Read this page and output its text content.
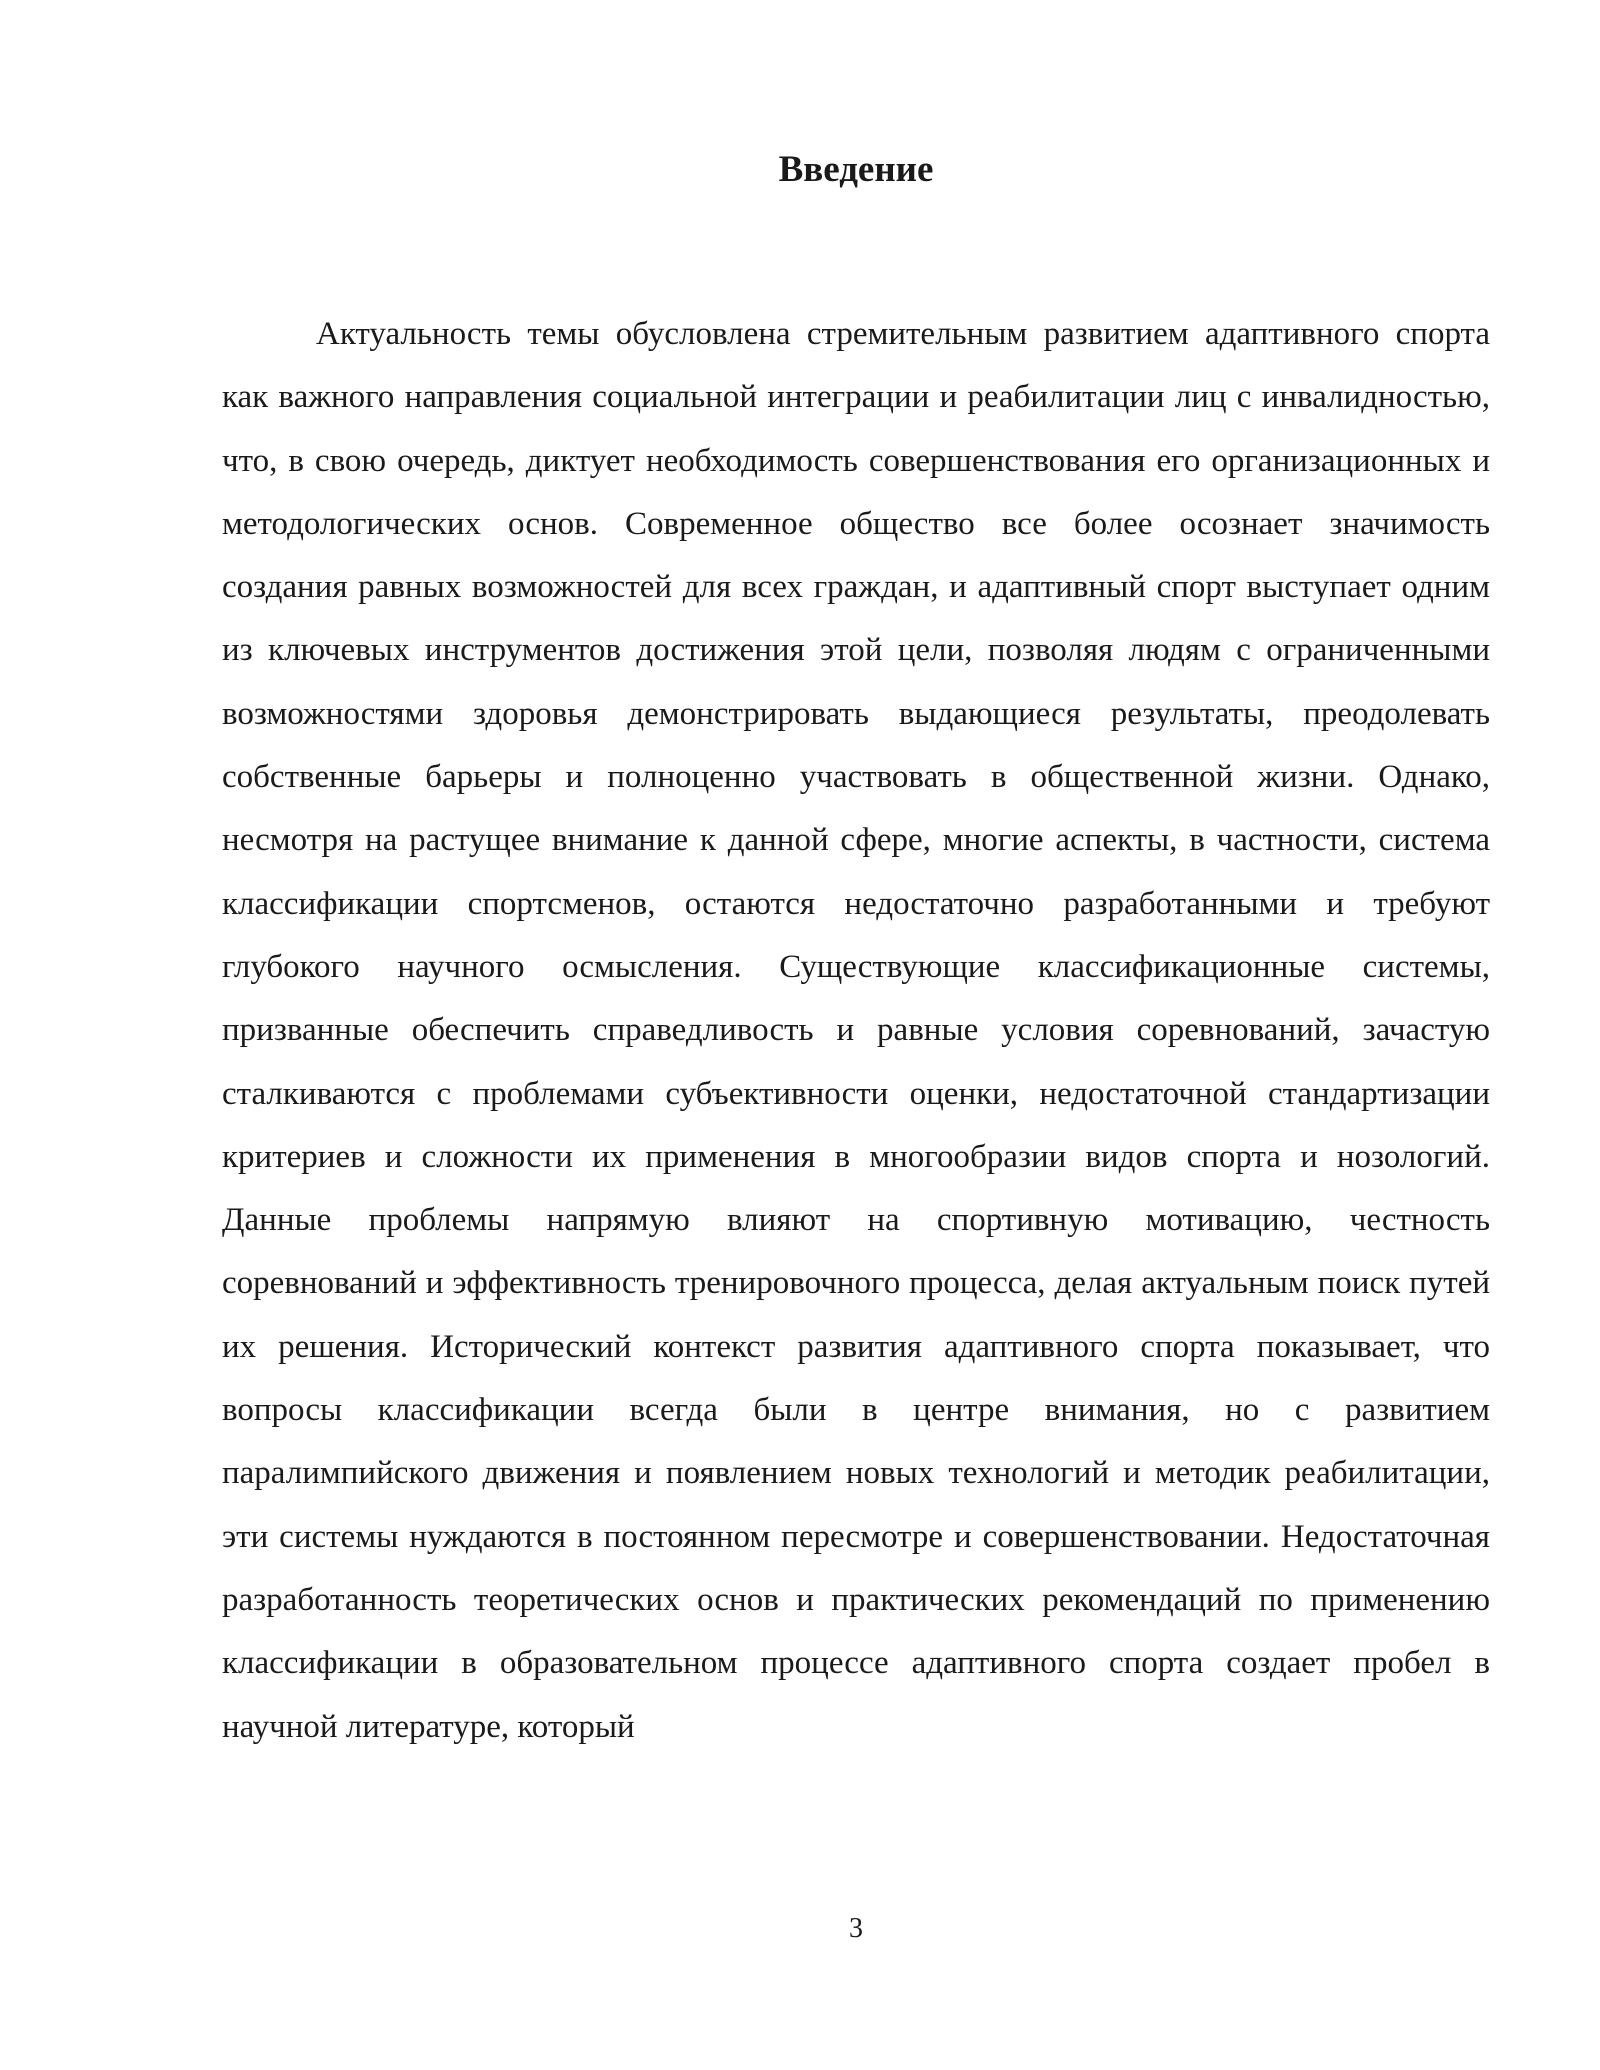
Введение

Актуальность темы обусловлена стремительным развитием адаптивного спорта как важного направления социальной интеграции и реабилитации лиц с инвалидностью, что, в свою очередь, диктует необходимость совершенствования его организационных и методологических основ. Современное общество все более осознает значимость создания равных возможностей для всех граждан, и адаптивный спорт выступает одним из ключевых инструментов достижения этой цели, позволяя людям с ограниченными возможностями здоровья демонстрировать выдающиеся результаты, преодолевать собственные барьеры и полноценно участвовать в общественной жизни. Однако, несмотря на растущее внимание к данной сфере, многие аспекты, в частности, система классификации спортсменов, остаются недостаточно разработанными и требуют глубокого научного осмысления. Существующие классификационные системы, призванные обеспечить справедливость и равные условия соревнований, зачастую сталкиваются с проблемами субъективности оценки, недостаточной стандартизации критериев и сложности их применения в многообразии видов спорта и нозологий. Данные проблемы напрямую влияют на спортивную мотивацию, честность соревнований и эффективность тренировочного процесса, делая актуальным поиск путей их решения. Исторический контекст развития адаптивного спорта показывает, что вопросы классификации всегда были в центре внимания, но с развитием паралимпийского движения и появлением новых технологий и методик реабилитации, эти системы нуждаются в постоянном пересмотре и совершенствовании. Недостаточная разработанность теоретических основ и практических рекомендаций по применению классификации в образовательном процессе адаптивного спорта создает пробел в научной литературе, который

3
